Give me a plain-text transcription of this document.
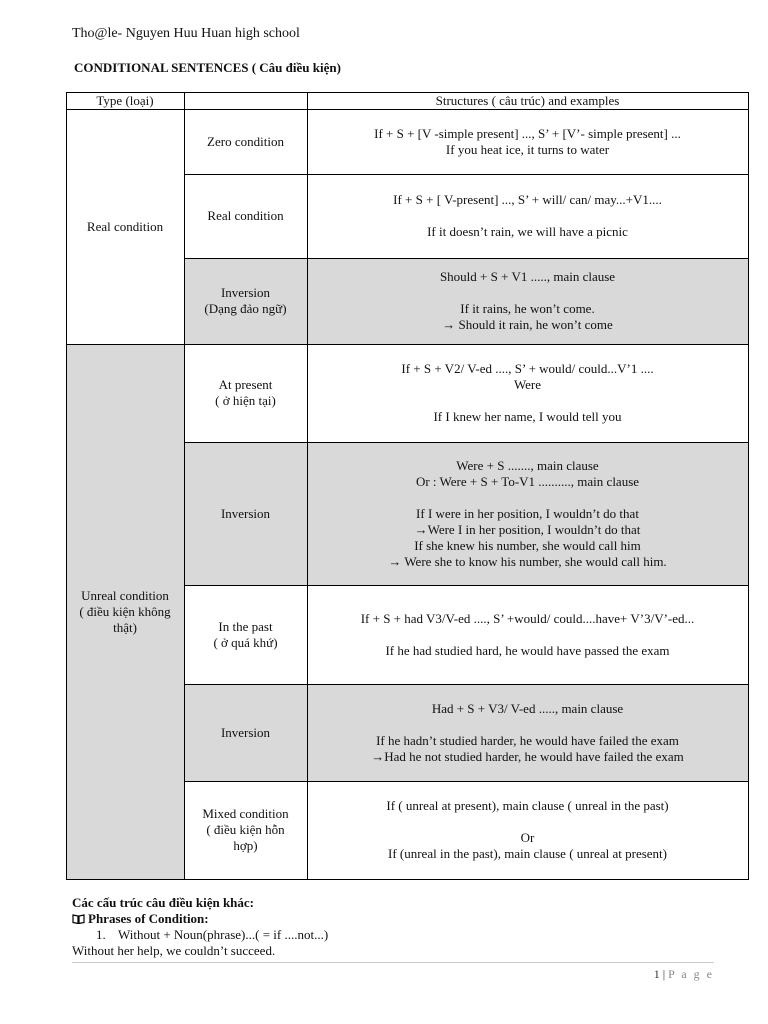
Tho@le- Nguyen Huu Huan high school
CONDITIONAL SENTENCES ( Câu điều kiện)
Type (loại)	Structures ( câu trúc) and examples
Real condition
Unreal condition
( điều kiện không
thật)
Zero condition
If + S + [V -simple present] ..., S’ + [V’- simple present] ...
If you heat ice, it turns to water
Real condition
If + S + [ V-present] ..., S’ + will/ can/ may...+V1....
If it doesn’t rain, we will have a picnic
Inversion
(Dạng đảo ngữ)
Should + S + V1 ....., main clause
If it rains, he won’t come.
→ Should it rain, he won’t come
At present
( ở hiện tại)
If + S + V2/ V-ed ...., S’ + would/ could...V’1 ....
Were
If I knew her name, I would tell you
Inversion
Were + S ......., main clause
Or : Were + S + To-V1 .........., main clause
If I were in her position, I wouldn’t do that
→Were I in her position, I wouldn’t do that
If she knew his number, she would call him
→ Were she to know his number, she would call him.
In the past
( ở quá khứ)
If + S + had V3/V-ed ...., S’ +would/ could....have+ V’3/V’-ed...
If he had studied hard, he would have passed the exam
Inversion
Had + S + V3/ V-ed ....., main clause
If he hadn’t studied harder, he would have failed the exam
→Had he not studied harder, he would have failed the exam
Mixed condition
( điều kiện hỗn
hợp)
If ( unreal at present), main clause ( unreal in the past)
Or
If (unreal in the past), main clause ( unreal at present)
Các cấu trúc câu điều kiện khác:
Phrases of Condition:
1. Without + Noun(phrase)...( = if ....not...)
Without her help, we couldn’t succeed.
1 | P a g e
